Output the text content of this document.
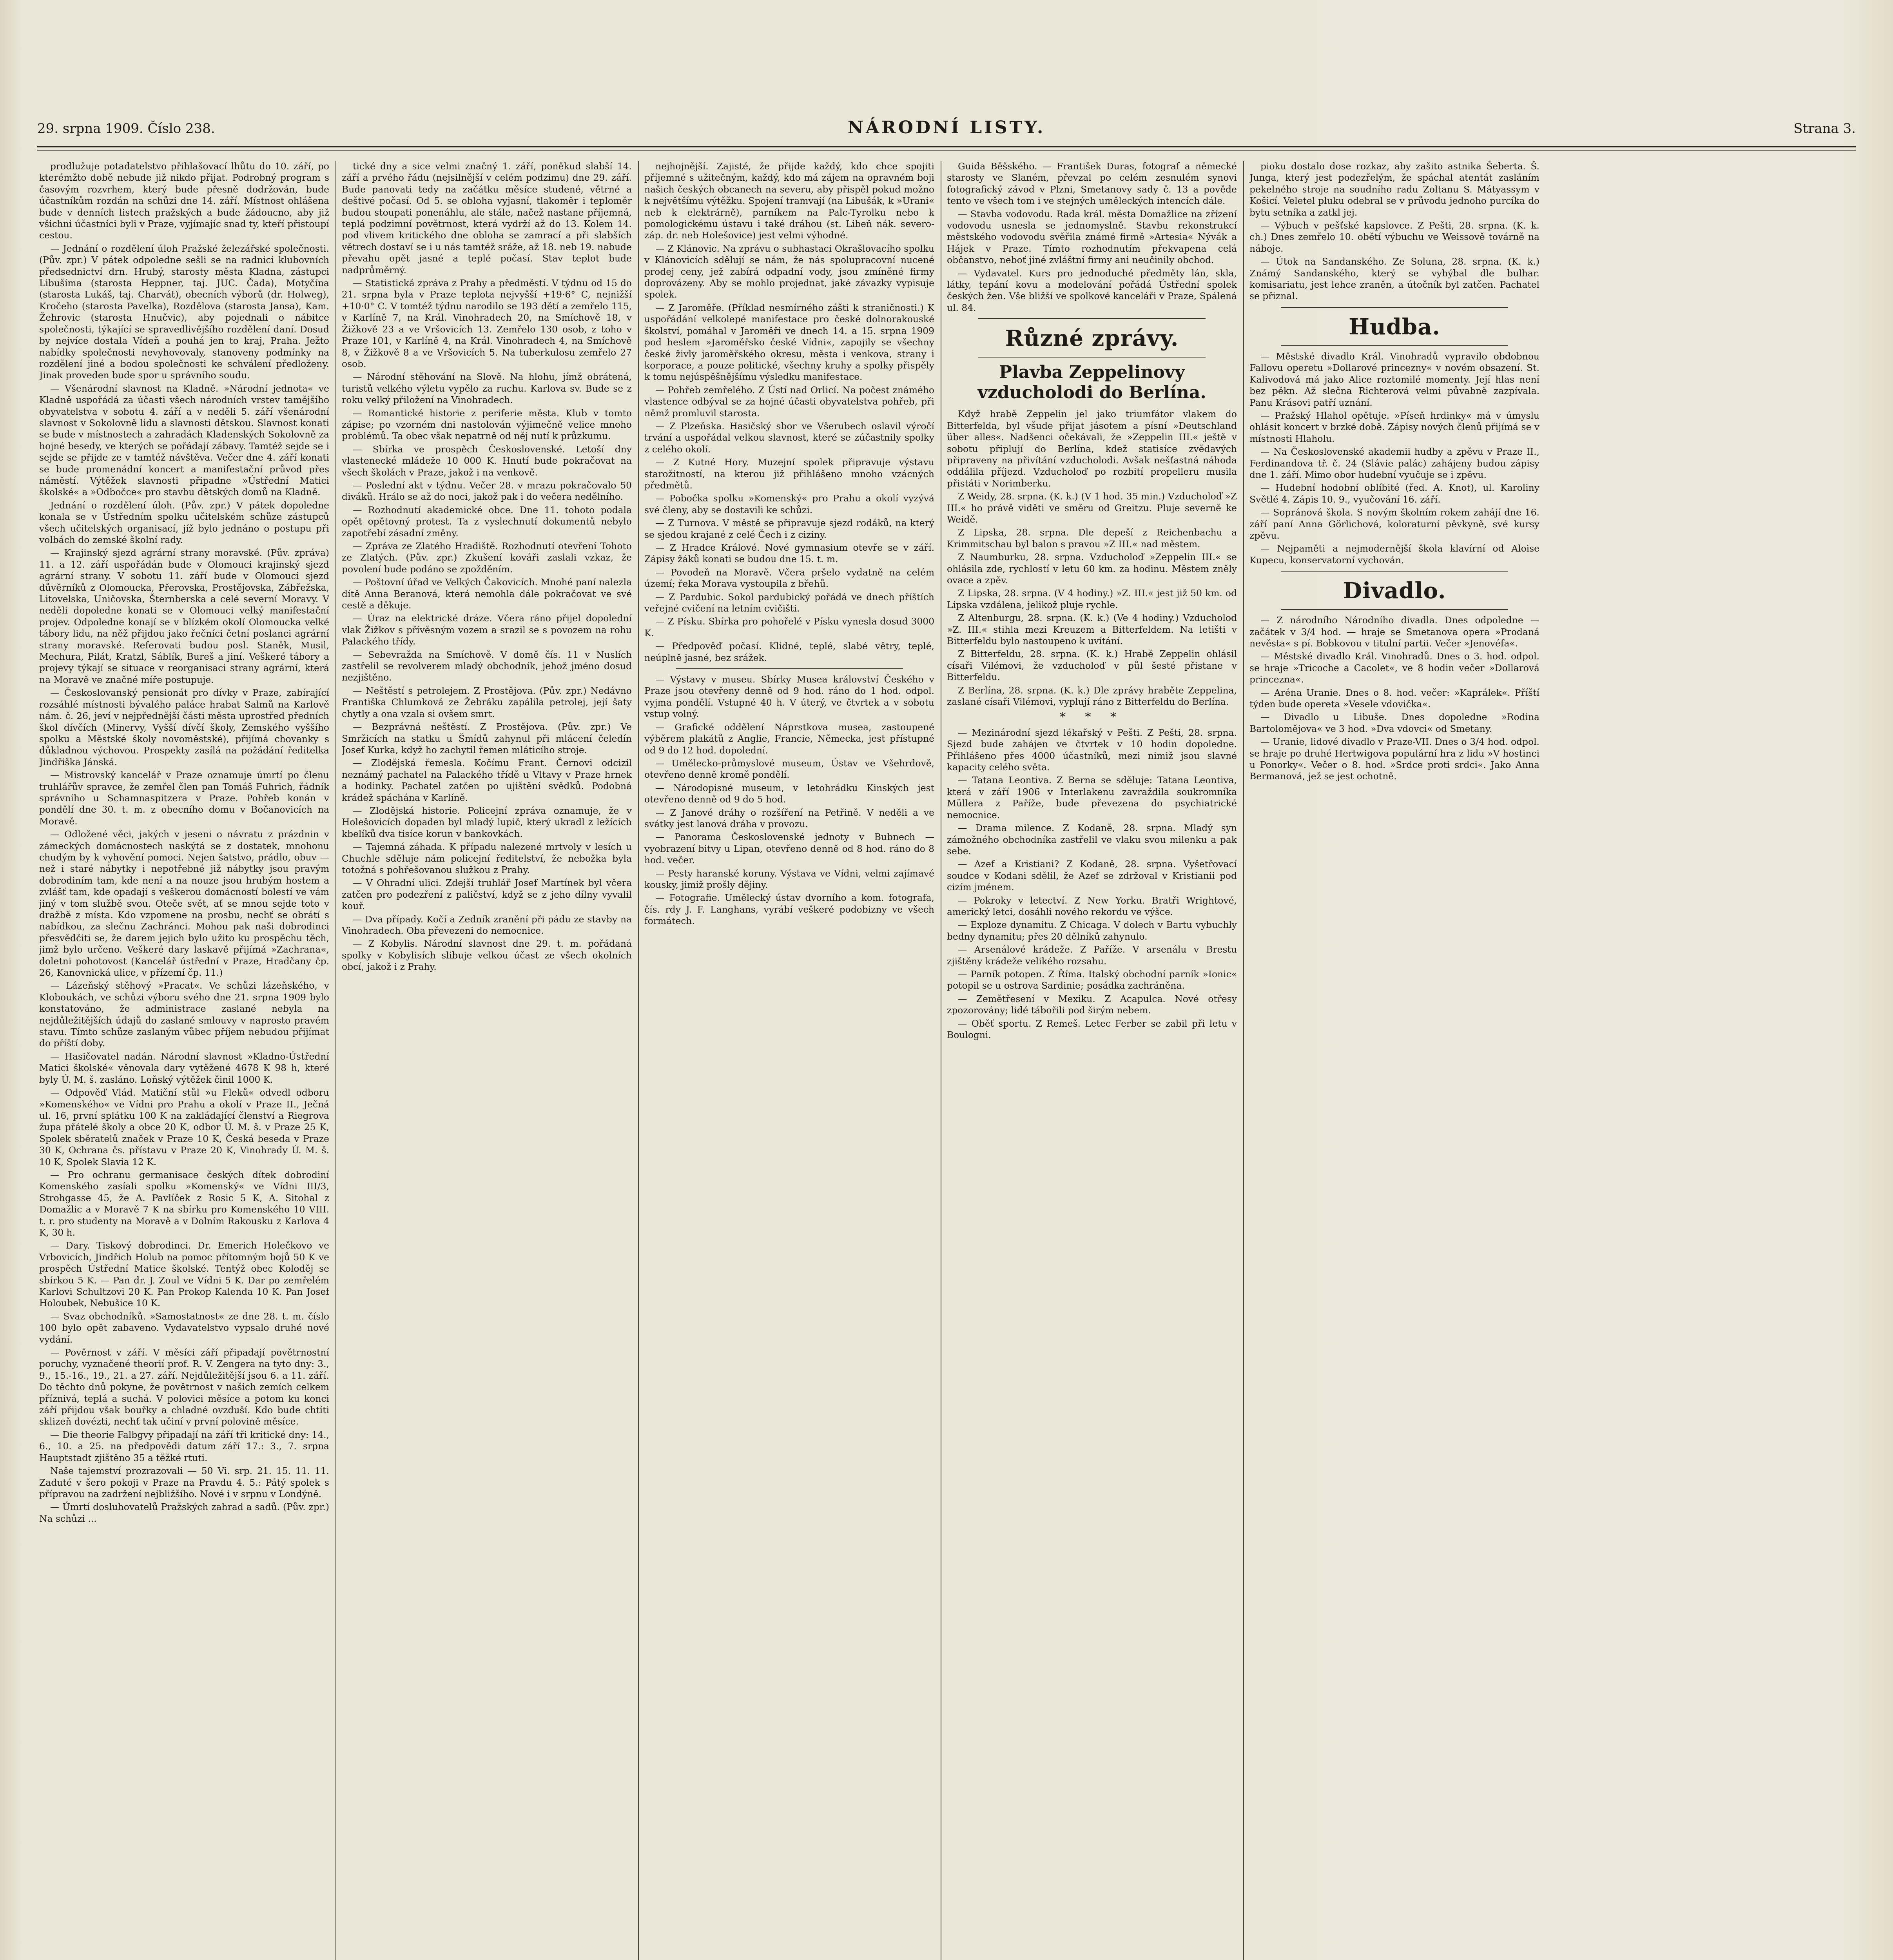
29. srpna 1909. Číslo 238.	NÁRODNÍ LISTY.	Strana 3.

prodlužuje potadatelstvo přihlašovací lhůtu do 10. září, po kterémžto době nebude již nikdo přijat. Podrobný program s časovým rozvrhem, který bude přesně dodržován, bude účastníkům rozdán na schůzi dne 14. září. Místnost ohlášena bude v denních listech pražských a bude žádoucno, aby již všichni účastníci byli v Praze, vyjímajíc snad ty, kteří přistoupí cestou.

— Jednání o rozdělení úloh Pražské železářské společnosti. (Pův. zpr.) V pátek odpoledne sešli se na radnici klubovních předsednictví drn. Hrubý, starosty města Kladna, zástupci Libušíma (starosta Heppner, taj. JUC. Čada), Motyčína (starosta Lukáš, taj. Charvát), obecních výborů (dr. Holweg), Kročeho (starosta Pavelka), Rozdělova (starosta Jansa), Kam. Žehrovic (starosta Hnučvic), aby pojednali o nábitce společnosti, týkající se spravedlivějšího rozdělení daní. Dosud by nejvíce dostala Vídeň a pouhá jen to kraj, Praha. Ježto nabídky společnosti nevyhovovaly, stanoveny podmínky na rozdělení jiné a bodou společnosti ke schválení předloženy. Jinak proveden bude spor u správního soudu.

— Všenárodní slavnost na Kladně. »Národní jednota« ve Kladně uspořádá za účasti všech národních vrstev tamějšího obyvatelstva v sobotu 4. září a v neděli 5. září všenárodní slavnost v Sokolovně lidu a slavnosti dětskou. Slavnost konati se bude v místnostech a zahradách Kladenských Sokolovně za hojné besedy, ve kterých se pořádají zábavy. Tamtéž sejde se i sejde se přijde ze v tamtéž návštěva. Večer dne 4. září konati se bude promenádní koncert a manifestační průvod přes náměstí. Výtěžek slavnosti připadne »Ústřední Matici školské« a »Odbočce« pro stavbu dětských domů na Kladně.

Jednání o rozdělení úloh. (Pův. zpr.) V pátek dopoledne konala se v Ústředním spolku učitelském schůze zástupců všech učitelských organisací, jíž bylo jednáno o postupu při volbách do zemské školní rady.

— Krajinský sjezd agrární strany moravské. (Pův. zpráva) 11. a 12. září uspořádán bude v Olomouci krajinský sjezd agrární strany. V sobotu 11. září bude v Olomouci sjezd důvěrníků z Olomoucka, Přerovska, Prostějovska, Zábřežska, Litovelska, Uničovska, Šternberska a celé severní Moravy. V neděli dopoledne konati se v Olomouci velký manifestační projev. Odpoledne konají se v blízkém okolí Olomoucka velké tábory lidu, na něž přijdou jako řečníci četní poslanci agrární strany moravské. Referovati budou posl. Staněk, Musil, Mechura, Pilát, Kratzl, Sáblík, Bureš a jiní. Veškeré tábory a projevy týkají se situace v reorganisaci strany agrární, která na Moravě ve značné míře postupuje.

— Českoslovanský pensionát pro dívky v Praze, zabírající rozsáhlé místnosti bývalého paláce hrabat Salmů na Karlově nám. č. 26, jeví v nejpřednější části města uprostřed předních škol dívčích (Minervy, Vyšší dívčí školy, Zemského vyššího spolku a Městské školy novoměstské), přijímá chovanky s důkladnou výchovou. Prospekty zasílá na požádání ředitelka Jindřiška Jánská.

— Mistrovský kancelář v Praze oznamuje úmrtí po členu truhlářův spravce, že zemřel člen pan Tomáš Fuhrich, řádník správního u Schamnaspitzera v Praze. Pohřeb konán v pondělí dne 30. t. m. z obecního domu v Bočanovicích na Moravě.

— Odložené věci, jakých v jeseni o návratu z prázdnin v zámeckých domácnostech naskýtá se z dostatek, mnohonu chudým by k vyhovění pomoci. Nejen šatstvo, prádlo, obuv — než i staré nábytky i nepotřebné již nábytky jsou pravým dobrodiním tam, kde není a na nouze jsou hrubým hostem a zvlášť tam, kde opadají s veškerou domácností bolestí ve vám jiný v tom službě svou. Oteče svět, ať se mnou sejde toto v dražbě z místa. Kdo vzpomene na prosbu, nechť se obrátí s nabídkou, za slečnu Zachránci. Mohou pak naši dobrodinci přesvědčiti se, že darem jejich bylo užito ku prospěchu těch, jimž bylo určeno. Veškeré dary laskavě přijímá »Zachrana«, doletni pohotovost (Kancelář ústřední v Praze, Hradčany čp. 26, Kanovnická ulice, v přízemí čp. 11.)

— Lázeňský stěhový »Pracat«. Ve schůzi lázeňského, v Kloboukách, ve schůzi výboru svého dne 21. srpna 1909 bylo konstatováno, že administrace zaslané nebyla na nejdůležitějších údajů do zaslané smlouvy v naprosto pravém stavu. Tímto schůze zaslaným vůbec příjem nebudou přijímat do příští doby.

— Hasičovatel nadán. Národní slavnost »Kladno-Ústřední Matici školské« věnovala dary vytěžené 4678 K 98 h, které byly Ú. M. š. zasláno. Loňský výtěžek činil 1000 K.

— Odpověď Vlád. Matiční stůl »u Fleků« odvedl odboru »Komenského« ve Vídni pro Prahu a okolí v Praze II., Ječná ul. 16, první splátku 100 K na zakládající členství a Riegrova župa přátelé školy a obce 20 K, odbor Ú. M. š. v Praze 25 K, Spolek sběratelů značek v Praze 10 K, Česká beseda v Praze 30 K, Ochrana čs. přístavu v Praze 20 K, Vinohrady Ú. M. š. 10 K, Spolek Slavia 12 K.

— Pro ochranu germanisace českých dítek dobrodiní Komenského zasíali spolku »Komenský« ve Vídni III/3, Strohgasse 45, že A. Pavlíček z Rosic 5 K, A. Sitohal z Domažlic a v Moravě 7 K na sbírku pro Komenského 10 VIII. t. r. pro studenty na Moravě a v Dolním Rakousku z Karlova 4 K, 30 h.

— Dary. Tiskový dobrodinci. Dr. Emerich Holečkovo ve Vrbovicích, Jindřich Holub na pomoc přítomným bojů 50 K ve prospěch Ústřední Matice školské. Tentýž obec Koloděj se sbírkou 5 K. — Pan dr. J. Zoul ve Vídni 5 K. Dar po zemřelém Karlovi Schultzovi 20 K. Pan Prokop Kalenda 10 K. Pan Josef Holoubek, Nebušice 10 K.

— Svaz obchodníků. »Samostatnost« ze dne 28. t. m. číslo 100 bylo opět zabaveno. Vydavatelstvo vypsalo druhé nové vydání.

— Pověrnost v září. V měsíci září připadají povětrnostní poruchy, vyznačené theorií prof. R. V. Zengera na tyto dny: 3., 9., 15.-16., 19., 21. a 27. září. Nejdůležitější jsou 6. a 11. září. Do těchto dnů pokyne, že povětrnost v našich zemích celkem příznivá, teplá a suchá. V polovici měsíce a potom ku konci září přijdou však bouřky a chladné ovzduší. Kdo bude chtíti sklizeň dovézti, nechť tak učiní v první polovině měsíce.

— Die theorie Falbgvy připadají na září tři kritické dny: 14., 6., 10. a 25. na předpovědi datum září 17.: 3., 7. srpna Hauptstadt zjištěno 35 a těžké rtuti.

Naše tajemství prozrazovali — 50 Vi. srp. 21. 15. 11. 11. Zaduté v šero pokoji v Praze na Pravdu 4. 5.: Pátý spolek s přípravou na zadržení nejbližšího. Nové i v srpnu v Londýně.

— Úmrtí dosluhovatelů Pražských zahrad a sadů. (Pův. zpr.) Na schůzi ...

tické dny a sice velmi značný 1. září, poněkud slabší 14. září a prvého řádu (nejsilnější v celém podzimu) dne 29. září. Bude panovati tedy na začátku měsíce studené, větrné a deštivé počasí. Od 5. se obloha vyjasní, tlakoměr i teploměr budou stoupati ponenáhlu, ale stále, načež nastane příjemná, teplá podzimní povětrnost, která vydrží až do 13. Kolem 14. pod vlivem kritického dne obloha se zamrací a při slabších větrech dostaví se i u nás tamtéž sráže, až 18. neb 19. nabude převahu opět jasné a teplé počasí. Stav teplot bude nadprůměrný.

— Statistická zpráva z Prahy a předměstí. V týdnu od 15 do 21. srpna byla v Praze teplota nejvyšší +19·6° C, nejnižší +10·0° C. V tomtéž týdnu narodilo se 193 dětí a zemřelo 115, v Karlíně 7, na Král. Vinohradech 20, na Smíchově 18, v Žižkově 23 a ve Vršovicích 13. Zemřelo 130 osob, z toho v Praze 101, v Karlíně 4, na Král. Vinohradech 4, na Smíchově 8, v Žižkově 8 a ve Vršovicích 5. Na tuberkulosu zemřelo 27 osob.

— Národní stěhování na Slově. Na hlohu, jímž obrátená, turistů velkého výletu vypělo za ruchu. Karlova sv. Bude se z roku velký přiložení na Vinohradech.

— Romantické historie z periferie města. Klub v tomto zápise; po vzorném dni nastolován výjimečně velice mnoho problémů. Ta obec však nepatrně od něj nutí k průzkumu.

— Sbírka ve prospěch Československé. Letoší dny vlastenecké mládeže 10 000 K. Hnutí bude pokračovat na všech školách v Praze, jakož i na venkově.

— Poslední akt v týdnu. Večer 28. v mrazu pokračovalo 50 diváků. Hrálo se až do noci, jakož pak i do večera nedělního.

— Rozhodnutí akademické obce. Dne 11. tohoto podala opět opětovný protest. Ta z vyslechnutí dokumentů nebylo zapotřebí zásadní změny.

— Zpráva ze Zlatého Hradiště. Rozhodnutí otevření Tohoto ze Zlatých. (Pův. zpr.) Zkušení kováři zaslali vzkaz, že povolení bude podáno se zpožděním.

— Poštovní úřad ve Velkých Čakovicích. Mnohé paní nalezla dítě Anna Beranová, která nemohla dále pokračovat ve své cestě a děkuje.

— Úraz na elektrické dráze. Včera ráno přijel dopolední vlak Žižkov s přívěsným vozem a srazil se s povozem na rohu Palackého třídy.

— Sebevražda na Smíchově. V domě čís. 11 v Nuslích zastřelil se revolverem mladý obchodník, jehož jméno dosud nezjištěno.

— Neštěstí s petrolejem. Z Prostějova. (Pův. zpr.) Nedávno Františka Chlumková ze Žebráku zapálila petrolej, její šaty chytly a ona vzala si ovšem smrt.

— Bezprávná neštěstí. Z Prostějova. (Pův. zpr.) Ve Smržicích na statku u Šmídů zahynul při mlácení čeledín Josef Kurka, když ho zachytil řemen mláticího stroje.

— Zlodějská řemesla. Kočímu Frant. Černovi odcizil neznámý pachatel na Palackého třídě u Vltavy v Praze hrnek a hodinky. Pachatel zatčen po ujištění svědků. Podobná krádež spáchána v Karlíně.

— Zlodějská historie. Policejní zpráva oznamuje, že v Holešovicích dopaden byl mladý lupič, který ukradl z ležících kbelíků dva tisíce korun v bankovkách.

— Tajemná záhada. K případu nalezené mrtvoly v lesích u Chuchle sděluje nám policejní ředitelství, že nebožka byla totožná s pohřešovanou služkou z Prahy.

— V Ohradní ulici. Zdejší truhlář Josef Martínek byl včera zatčen pro podezření z paličství, když se z jeho dílny vyvalil kouř.

— Dva případy. Kočí a Zedník zranění při pádu ze stavby na Vinohradech. Oba převezeni do nemocnice.

— Z Kobylis. Národní slavnost dne 29. t. m. pořádaná spolky v Kobylisích slibuje velkou účast ze všech okolních obcí, jakož i z Prahy.

nejhojnější. Zajisté, že přijde každý, kdo chce spojiti příjemné s užitečným, každý, kdo má zájem na opravném boji našich českých obcanech na severu, aby přispěl pokud možno k největšímu výtěžku. Spojení tramvají (na Libušák, k »Urani« neb k elektrárně), parníkem na Palc-Tyrolku nebo k pomologickému ústavu i také dráhou (st. Libeň nák. severo-záp. dr. neb Holešovice) jest velmi výhodné.

— Z Klánovic. Na zprávu o subhastaci Okrašlovacího spolku v Klánovicích sdělují se nám, že nás spolupracovní nucené prodej ceny, jež zabírá odpadní vody, jsou zmíněné firmy doprovázeny. Aby se mohlo projednat, jaké závazky vypisuje spolek.

— Z Jaroměře. (Příklad nesmírného zášti k straničnosti.) K uspořádání velkolepé manifestace pro české dolnorakouské školství, pomáhal v Jaroměři ve dnech 14. a 15. srpna 1909 pod heslem »Jaroměřsko české Vídni«, zapojily se všechny české živly jaroměřského okresu, města i venkova, strany i korporace, a pouze politické, všechny kruhy a spolky přispěly k tomu nejúspěšnějšímu výsledku manifestace.

— Pohřeb zemřelého. Z Ústí nad Orlicí. Na počest známého vlastence odbýval se za hojné účasti obyvatelstva pohřeb, při němž promluvil starosta.

— Z Plzeňska. Hasičský sbor ve Všerubech oslavil výročí trvání a uspořádal velkou slavnost, které se zúčastnily spolky z celého okolí.

— Z Kutné Hory. Muzejní spolek připravuje výstavu starožitností, na kterou již přihlášeno mnoho vzácných předmětů.

— Pobočka spolku »Komenský« pro Prahu a okolí vyzývá své členy, aby se dostavili ke schůzi.

— Z Turnova. V městě se připravuje sjezd rodáků, na který se sjedou krajané z celé Čech i z ciziny.

— Z Hradce Králové. Nové gymnasium otevře se v září. Zápisy žáků konati se budou dne 15. t. m.

— Povodeň na Moravě. Včera pršelo vydatně na celém území; řeka Morava vystoupila z břehů.

— Z Pardubic. Sokol pardubický pořádá ve dnech příštích veřejné cvičení na letním cvičišti.

— Z Písku. Sbírka pro pohořelé v Písku vynesla dosud 3000 K.

— Předpověď počasí. Klidné, teplé, slabé větry, teplé, neúplně jasné, bez srážek.

— Výstavy v museu. Sbírky Musea království Českého v Praze jsou otevřeny denně od 9 hod. ráno do 1 hod. odpol. vyjma pondělí. Vstupné 40 h. V úterý, ve čtvrtek a v sobotu vstup volný.

— Grafické oddělení Náprstkova musea, zastoupené výběrem plakátů z Anglie, Francie, Německa, jest přístupné od 9 do 12 hod. dopolední.

— Umělecko-průmyslové museum, Ústav ve Všehrdově, otevřeno denně kromě pondělí.

— Národopisné museum, v letohrádku Kinských jest otevřeno denně od 9 do 5 hod.

— Z Janové dráhy o rozšíření na Petřině. V neděli a ve svátky jest lanová dráha v provozu.

— Panorama Československé jednoty v Bubnech — vyobrazení bitvy u Lipan, otevřeno denně od 8 hod. ráno do 8 hod. večer.

— Pesty haranské koruny. Výstava ve Vídni, velmi zajímavé kousky, jimiž prošly dějiny.

— Fotografie. Umělecký ústav dvorního a kom. fotografa, čís. rdy J. F. Langhans, vyrábí veškeré podobizny ve všech formátech.

Guida Běšského. — František Duras, fotograf a německé starosty ve Slaném, převzal po celém zesnulém synovi fotografický závod v Plzni, Smetanovy sady č. 13 a pověde tento ve všech tom i ve stejných uměleckých intencích dále.

— Stavba vodovodu. Rada král. města Domažlice na zřízení vodovodu usnesla se jednomyslně. Stavbu rekonstrukcí městského vodovodu svěřila známé firmě »Artesia« Nývák a Hájek v Praze. Tímto rozhodnutím překvapena celá občanstvo, neboť jiné zvláštní firmy ani neučinily obchod.

— Vydavatel. Kurs pro jednoduché předměty lán, skla, látky, tepání kovu a modelování pořádá Ústřední spolek českých žen. Vše bližší ve spolkové kanceláři v Praze, Spálená ul. 84.

Různé zprávy.
Plavba Zeppelinovy vzducholodi do Berlína.

Když hrabě Zeppelin jel jako triumfátor vlakem do Bitterfelda, byl všude přijat jásotem a písní »Deutschland über alles«. Nadšenci očekávali, že »Zeppelin III.« ještě v sobotu připlují do Berlína, kdež statisíce zvědavých připraveny na přivítání vzducholodi. Avšak nešťastná náhoda oddálila příjezd. Vzducholoď po rozbití propelleru musila přistáti v Norimberku.

Z Weidy, 28. srpna. (K. k.) (V 1 hod. 35 min.) Vzducholoď »Z III.« ho právě viděti ve směru od Greitzu. Pluje severně ke Weidě.

Z Lipska, 28. srpna. Dle depeší z Reichenbachu a Krimmitschau byl balon s pravou »Z III.« nad městem.

Z Naumburku, 28. srpna. Vzducholoď »Zeppelin III.« se ohlásila zde, rychlostí v letu 60 km. za hodinu. Městem zněly ovace a zpěv.

Z Lipska, 28. srpna. (V 4 hodiny.) »Z. III.« jest již 50 km. od Lipska vzdálena, jelikož pluje rychle.

Z Altenburgu, 28. srpna. (K. k.) (Ve 4 hodiny.) Vzducholoď »Z. III.« stihla mezi Kreuzem a Bitterfeldem. Na letišti v Bitterfeldu bylo nastoupeno k uvítání.

Z Bitterfeldu, 28. srpna. (K. k.) Hrabě Zeppelin ohlásil císaři Vilémovi, že vzducholoď v půl šesté přistane v Bitterfeldu.

Z Berlína, 28. srpna. (K. k.) Dle zprávy hraběte Zeppelina, zaslané císaři Vilémovi, vyplují ráno z Bitterfeldu do Berlína.

* * *

— Mezinárodní sjezd lékařský v Pešti. Z Pešti, 28. srpna. Sjezd bude zahájen ve čtvrtek v 10 hodin dopoledne. Přihlášeno přes 4000 účastníků, mezi nimiž jsou slavné kapacity celého světa.

— Tatana Leontiva. Z Berna se sděluje: Tatana Leontiva, která v září 1906 v Interlakenu zavraždila soukromníka Müllera z Paříže, bude převezena do psychiatrické nemocnice.

— Drama milence. Z Kodaně, 28. srpna. Mladý syn zámožného obchodníka zastřelil ve vlaku svou milenku a pak sebe.

— Azef a Kristiani? Z Kodaně, 28. srpna. Vyšetřovací soudce v Kodani sdělil, že Azef se zdržoval v Kristianii pod cizím jménem.

— Pokroky v letectví. Z New Yorku. Bratři Wrightové, americký letci, dosáhli nového rekordu ve výšce.

— Exploze dynamitu. Z Chicaga. V dolech v Bartu vybuchly bedny dynamitu; přes 20 dělníků zahynulo.

— Arsenálové krádeže. Z Paříže. V arsenálu v Brestu zjištěny krádeže velikého rozsahu.

— Parník potopen. Z Říma. Italský obchodní parník »Ionic« potopil se u ostrova Sardinie; posádka zachráněna.

— Zemětřesení v Mexiku. Z Acapulca. Nové otřesy zpozorovány; lidé tábořili pod širým nebem.

— Oběť sportu. Z Remeš. Letec Ferber se zabil při letu v Boulogni.

pioku dostalo dose rozkaz, aby zašito astnika Šeberta. Š. Junga, který jest podezřelým, že spáchal atentát zasláním pekelného stroje na soudního radu Zoltanu S. Mátyassym v Košicí. Veletel pluku odebral se v průvodu jednoho purcíka do bytu setníka a zatkl jej.

— Výbuch v pešťské kapslovce. Z Pešti, 28. srpna. (K. k. ch.) Dnes zemřelo 10. obětí výbuchu ve Weissově továrně na náboje.

— Útok na Sandanského. Ze Soluna, 28. srpna. (K. k.) Známý Sandanského, který se vyhýbal dle bulhar. komisariatu, jest lehce zraněn, a útočník byl zatčen. Pachatel se přiznal.

Hudba.

— Městské divadlo Král. Vinohradů vypravilo obdobnou Fallovu operetu »Dollarové princezny« v novém obsazení. St. Kalivodová má jako Alice roztomilé momenty. Její hlas není bez pěkn. Až slečna Richterová velmi půvabně zazpívala. Panu Krásovi patří uznání.

— Pražský Hlahol opětuje. »Píseň hrdinky« má v úmyslu ohlásit koncert v brzké době. Zápisy nových členů přijímá se v místnosti Hlaholu.

— Na Československé akademii hudby a zpěvu v Praze II., Ferdinandova tř. č. 24 (Slávie palác) zahájeny budou zápisy dne 1. září. Mimo obor hudební vyučuje se i zpěvu.

— Hudební hodobní oblíbité (řed. A. Knot), ul. Karoliny Světlé 4. Zápis 10. 9., vyučování 16. září.

— Sopránová škola. S novým školním rokem zahájí dne 16. září paní Anna Görlichová, koloraturní pěvkyně, své kursy zpěvu.

— Nejpaměti a nejmodernější škola klavírní od Aloise Kupecu, konservatorní vychován.

Divadlo.

— Z národního Národního divadla. Dnes odpoledne — začátek v 3/4 hod. — hraje se Smetanova opera »Prodaná nevěsta« s pí. Bobkovou v titulní partii. Večer »Jenovéfa«.

— Městské divadlo Král. Vinohradů. Dnes o 3. hod. odpol. se hraje »Tricoche a Cacolet«, ve 8 hodin večer »Dollarová princezna«.

— Aréna Uranie. Dnes o 8. hod. večer: »Kaprálek«. Příští týden bude opereta »Vesele vdovička«.

— Divadlo u Libuše. Dnes dopoledne »Rodina Bartolomějova« ve 3 hod. »Dva vdovci« od Smetany.

— Uranie, lidové divadlo v Praze-VII. Dnes o 3/4 hod. odpol. se hraje po druhé Hertwigova populární hra z lidu »V hostinci u Ponorky«. Večer o 8. hod. »Srdce proti srdci«. Jako Anna Bermanová, jež se jest ochotně.
